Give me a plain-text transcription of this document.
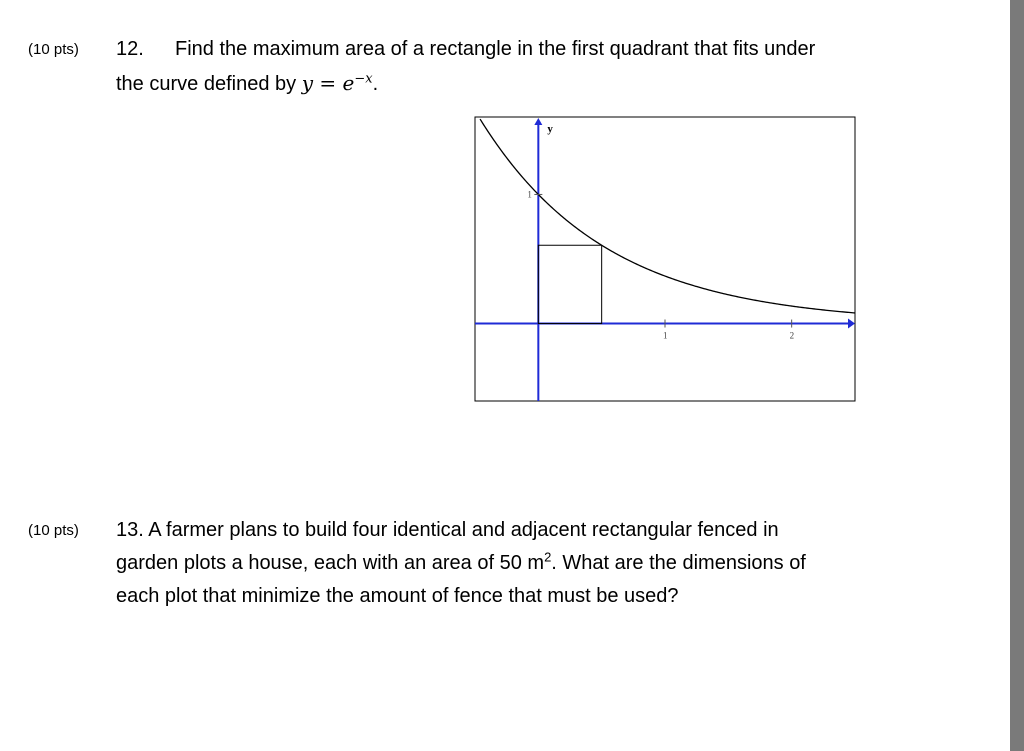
(10 pts) 12. Find the maximum area of a rectangle in the first quadrant that fits under
the curve defined by $y = e^{-x}$.
y
1
1	2
(10 pts) 13. A farmer plans to build four identical and adjacent rectangular fenced in
garden plots a house, each with an area of 50 $m^2$. What are the dimensions of
each plot that minimize the amount of fence that must be used?
